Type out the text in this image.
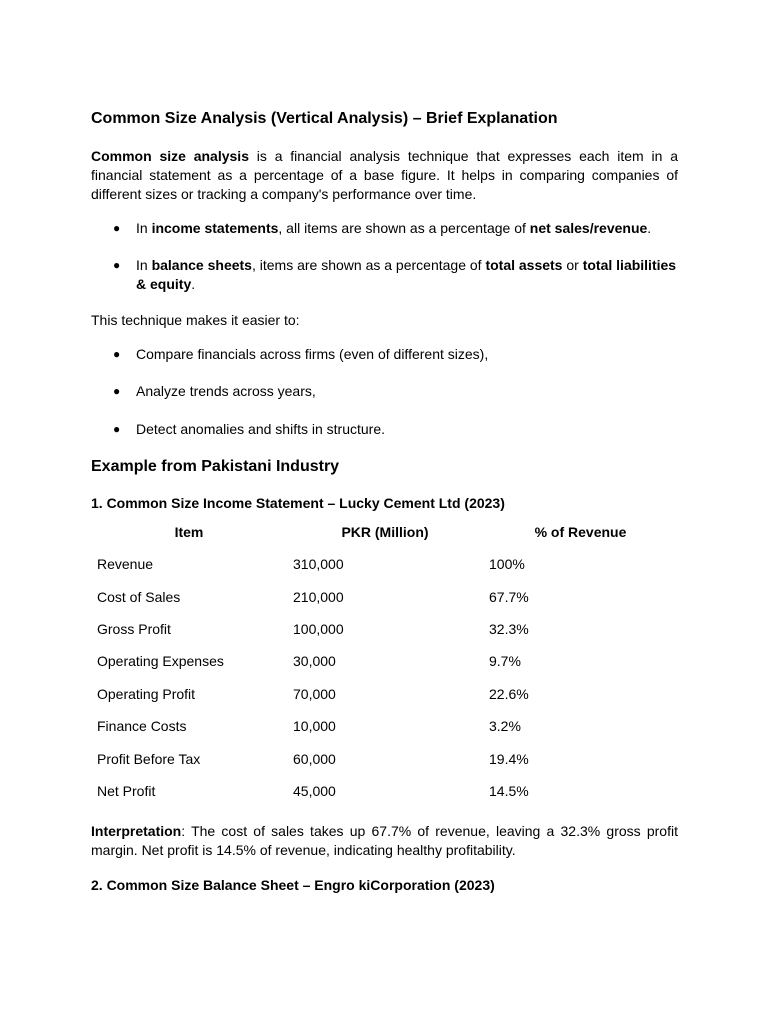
Common Size Analysis (Vertical Analysis) – Brief Explanation
Common size analysis is a financial analysis technique that expresses each item in a financial statement as a percentage of a base figure. It helps in comparing companies of different sizes or tracking a company's performance over time.
● In income statements, all items are shown as a percentage of net sales/revenue.
● In balance sheets, items are shown as a percentage of total assets or total liabilities & equity.
This technique makes it easier to:
● Compare financials across firms (even of different sizes),
● Analyze trends across years,
● Detect anomalies and shifts in structure.
Example from Pakistani Industry
1. Common Size Income Statement – Lucky Cement Ltd (2023)
Item	PKR (Million)	% of Revenue
Revenue	310,000	100%
Cost of Sales	210,000	67.7%
Gross Profit	100,000	32.3%
Operating Expenses	30,000	9.7%
Operating Profit	70,000	22.6%
Finance Costs	10,000	3.2%
Profit Before Tax	60,000	19.4%
Net Profit	45,000	14.5%
Interpretation: The cost of sales takes up 67.7% of revenue, leaving a 32.3% gross profit margin. Net profit is 14.5% of revenue, indicating healthy profitability.
2. Common Size Balance Sheet – Engro kiCorporation (2023)
